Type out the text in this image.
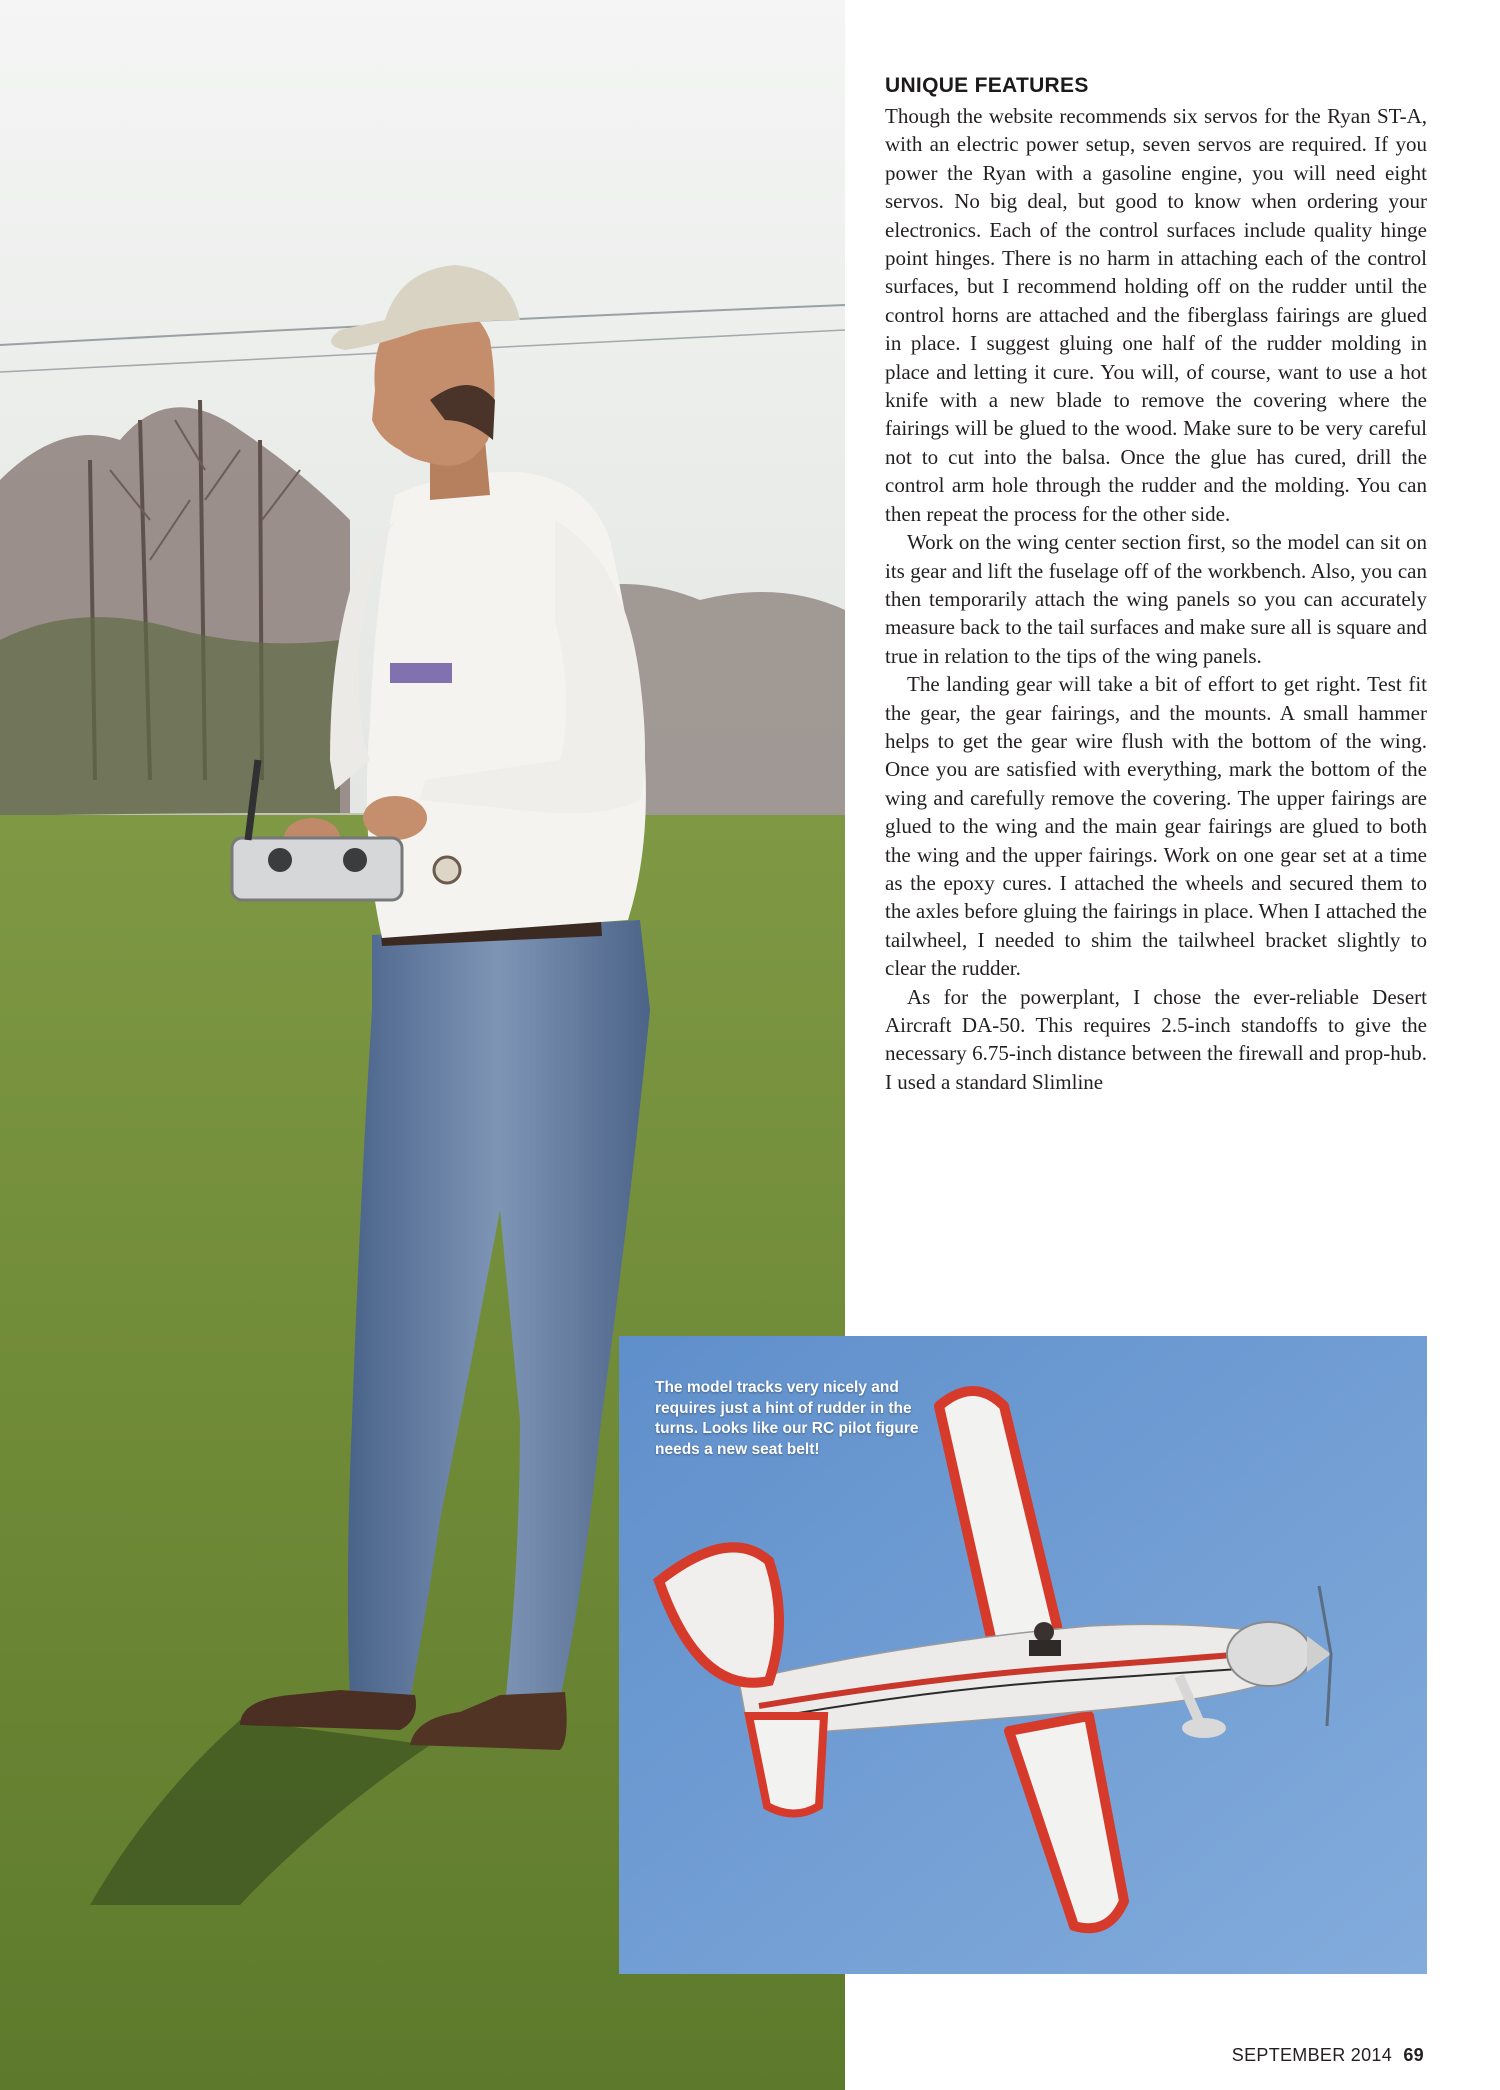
UNIQUE FEATURES

Though the website recommends six servos for the Ryan ST-A, with an electric power setup, seven servos are required. If you power the Ryan with a gasoline engine, you will need eight servos. No big deal, but good to know when ordering your electronics. Each of the control surfaces include quality hinge point hinges. There is no harm in attaching each of the control surfaces, but I recommend holding off on the rudder until the control horns are attached and the fiberglass fairings are glued in place. I suggest gluing one half of the rudder molding in place and letting it cure. You will, of course, want to use a hot knife with a new blade to remove the covering where the fairings will be glued to the wood. Make sure to be very careful not to cut into the balsa. Once the glue has cured, drill the control arm hole through the rudder and the molding. You can then repeat the process for the other side.

Work on the wing center section first, so the model can sit on its gear and lift the fuselage off of the workbench. Also, you can then temporarily attach the wing panels so you can accurately measure back to the tail surfaces and make sure all is square and true in relation to the tips of the wing panels.

The landing gear will take a bit of effort to get right. Test fit the gear, the gear fairings, and the mounts. A small hammer helps to get the gear wire flush with the bottom of the wing. Once you are satisfied with everything, mark the bottom of the wing and carefully remove the covering. The upper fairings are glued to the wing and the main gear fairings are glued to both the wing and the upper fairings. Work on one gear set at a time as the epoxy cures. I attached the wheels and secured them to the axles before gluing the fairings in place. When I attached the tailwheel, I needed to shim the tailwheel bracket slightly to clear the rudder.

As for the powerplant, I chose the ever-reliable Desert Aircraft DA-50. This requires 2.5-inch standoffs to give the necessary 6.75-inch distance between the firewall and prop-hub. I used a standard Slimline

The model tracks very nicely and requires just a hint of rudder in the turns. Looks like our RC pilot figure needs a new seat belt!
SEPTEMBER 2014 69
